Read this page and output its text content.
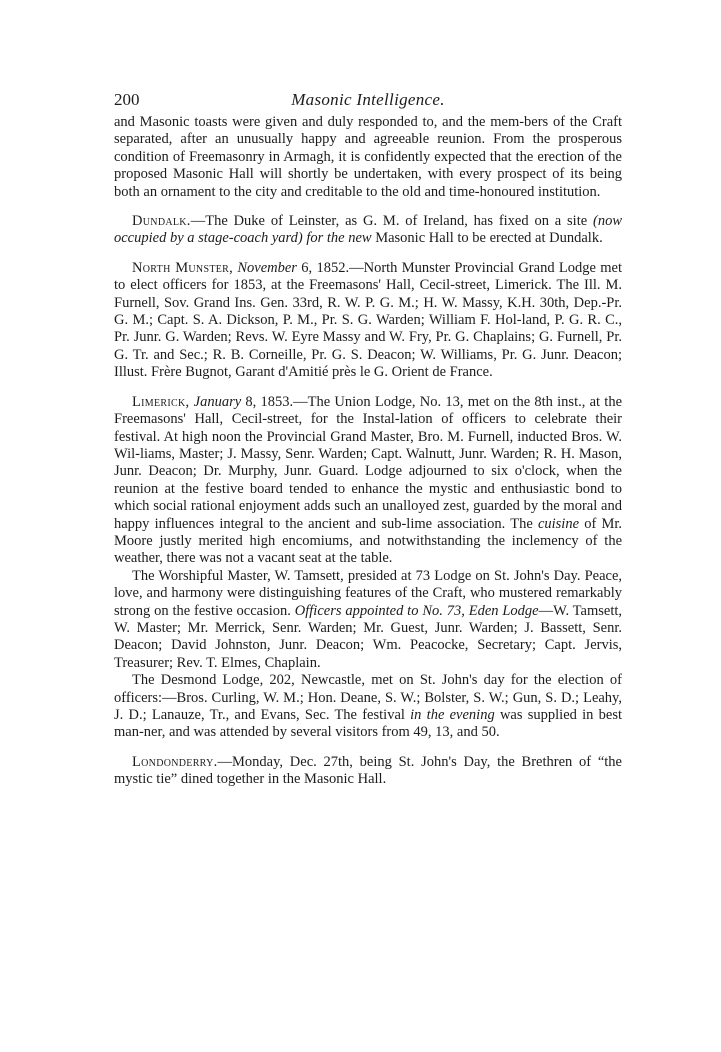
200	Masonic Intelligence.

and Masonic toasts were given and duly responded to, and the mem-bers of the Craft separated, after an unusually happy and agreeable reunion. From the prosperous condition of Freemasonry in Armagh, it is confidently expected that the erection of the proposed Masonic Hall will shortly be undertaken, with every prospect of its being both an ornament to the city and creditable to the old and time-honoured institution.

Dundalk.—The Duke of Leinster, as G. M. of Ireland, has fixed on a site (now occupied by a stage-coach yard) for the new Masonic Hall to be erected at Dundalk.

North Munster, November 6, 1852.—North Munster Provincial Grand Lodge met to elect officers for 1853, at the Freemasons' Hall, Cecil-street, Limerick. The Ill. M. Furnell, Sov. Grand Ins. Gen. 33rd, R. W. P. G. M.; H. W. Massy, K.H. 30th, Dep.-Pr. G. M.; Capt. S. A. Dickson, P. M., Pr. S. G. Warden; William F. Hol-land, P. G. R. C., Pr. Junr. G. Warden; Revs. W. Eyre Massy and W. Fry, Pr. G. Chaplains; G. Furnell, Pr. G. Tr. and Sec.; R. B. Corneille, Pr. G. S. Deacon; W. Williams, Pr. G. Junr. Deacon; Illust. Frère Bugnot, Garant d'Amitié près le G. Orient de France.

Limerick, January 8, 1853.—The Union Lodge, No. 13, met on the 8th inst., at the Freemasons' Hall, Cecil-street, for the Instal-lation of officers to celebrate their festival. At high noon the Provincial Grand Master, Bro. M. Furnell, inducted Bros. W. Wil-liams, Master; J. Massy, Senr. Warden; Capt. Walnutt, Junr. Warden; R. H. Mason, Junr. Deacon; Dr. Murphy, Junr. Guard. Lodge adjourned to six o'clock, when the reunion at the festive board tended to enhance the mystic and enthusiastic bond to which social rational enjoyment adds such an unalloyed zest, guarded by the moral and happy influences integral to the ancient and sub-lime association. The cuisine of Mr. Moore justly merited high encomiums, and notwithstanding the inclemency of the weather, there was not a vacant seat at the table.

The Worshipful Master, W. Tamsett, presided at 73 Lodge on St. John's Day. Peace, love, and harmony were distinguishing features of the Craft, who mustered remarkably strong on the festive occasion. Officers appointed to No. 73, Eden Lodge—W. Tamsett, W. Master; Mr. Merrick, Senr. Warden; Mr. Guest, Junr. Warden; J. Bassett, Senr. Deacon; David Johnston, Junr. Deacon; Wm. Peacocke, Secretary; Capt. Jervis, Treasurer; Rev. T. Elmes, Chaplain.

The Desmond Lodge, 202, Newcastle, met on St. John's day for the election of officers:—Bros. Curling, W. M.; Hon. Deane, S. W.; Bolster, S. W.; Gun, S. D.; Leahy, J. D.; Lanauze, Tr., and Evans, Sec. The festival in the evening was supplied in best man-ner, and was attended by several visitors from 49, 13, and 50.

Londonderry.—Monday, Dec. 27th, being St. John's Day, the Brethren of “the mystic tie” dined together in the Masonic Hall.
